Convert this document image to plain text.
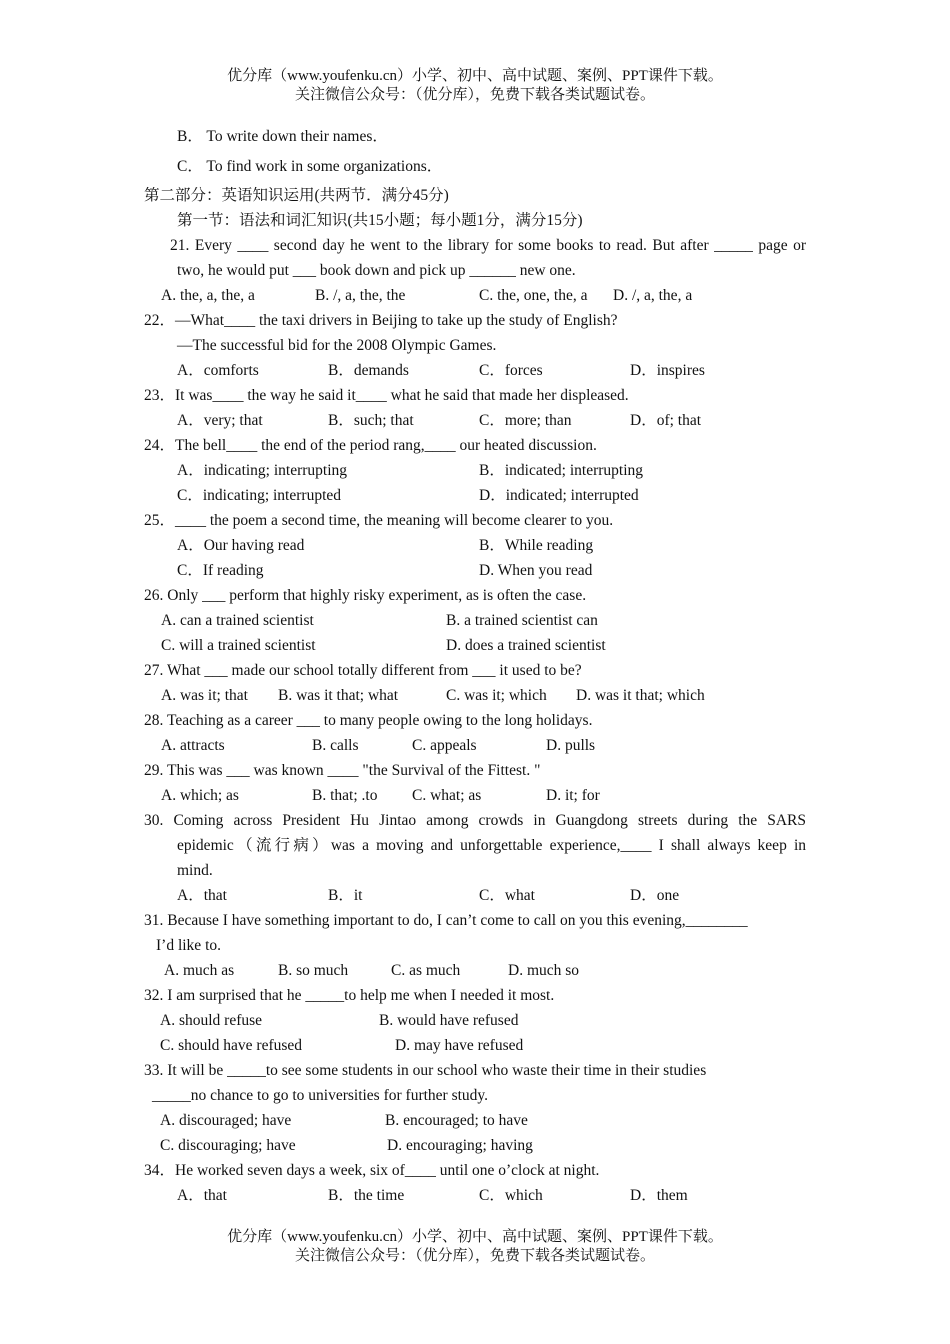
优分库（www.youfenku.cn）小学、初中、高中试题、案例、PPT课件下载。
关注微信公众号：（优分库），免费下载各类试题试卷。
B． To write down their names．
C． To find work in some organizations．
第二部分：英语知识运用(共两节．满分45分)
第一节：语法和词汇知识(共15小题；每小题1分，满分15分)
21. Every ____ second day he went to the library for some books to read. But after _____ page or
two, he would put ___ book down and pick up ______ new one.
A. the, a, the, a	B. /, a, the, the	C. the, one, the, a D. /, a, the, a
22．—What____ the taxi drivers in Beijing to take up the study of English?
—The successful bid for the 2008 Olympic Games.
A．comforts	B．demands	C．forces	D．inspires
23．It was____ the way he said it____ what he said that made her displeased.
A．very; that	B．such; that	C．more; than	D．of; that
24．The bell____ the end of the period rang,____ our heated discussion.
A．indicating; interrupting	B．indicated; interrupting
C．indicating; interrupted	D．indicated; interrupted
25．____ the poem a second time, the meaning will become clearer to you.
A．Our having read	B．While reading
C．If reading	D. When you read
26. Only ___ perform that highly risky experiment, as is often the case.
A. can a trained scientist	B. a trained scientist can
C. will a trained scientist	D. does a trained scientist
27. What ___ made our school totally different from ___ it used to be?
A. was it; that B. was it that; what	C. was it; which D. was it that; which
28. Teaching as a career ___ to many people owing to the long holidays.
A. attracts	B. calls	C. appeals	D. pulls
29. This was ___ was known ____ "the Survival of the Fittest. "
A. which; as	B. that; .to C. what; as	D. it; for
30. Coming across President Hu Jintao among crowds in Guangdong streets during the SARS
epidemic（流行病）was a moving and unforgettable experience,____ I shall always keep in
mind.
A．that	B．it	C．what	D．one
31. Because I have something important to do, I can’t come to call on you this evening,________
I’d like to.
A. much as	B. so much	C. as much	D. much so
32. I am surprised that he _____to help me when I needed it most.
A. should refuse	B. would have refused
C. should have refused	D. may have refused
33. It will be _____to see some students in our school who waste their time in their studies
_____no chance to go to universities for further study.
A. discouraged; have	B. encouraged; to have
C. discouraging; have	D. encouraging; having
34．He worked seven days a week, six of____ until one o’clock at night.
A．that	B．the time	C．which	D．them
优分库（www.youfenku.cn）小学、初中、高中试题、案例、PPT课件下载。
关注微信公众号：（优分库），免费下载各类试题试卷。
